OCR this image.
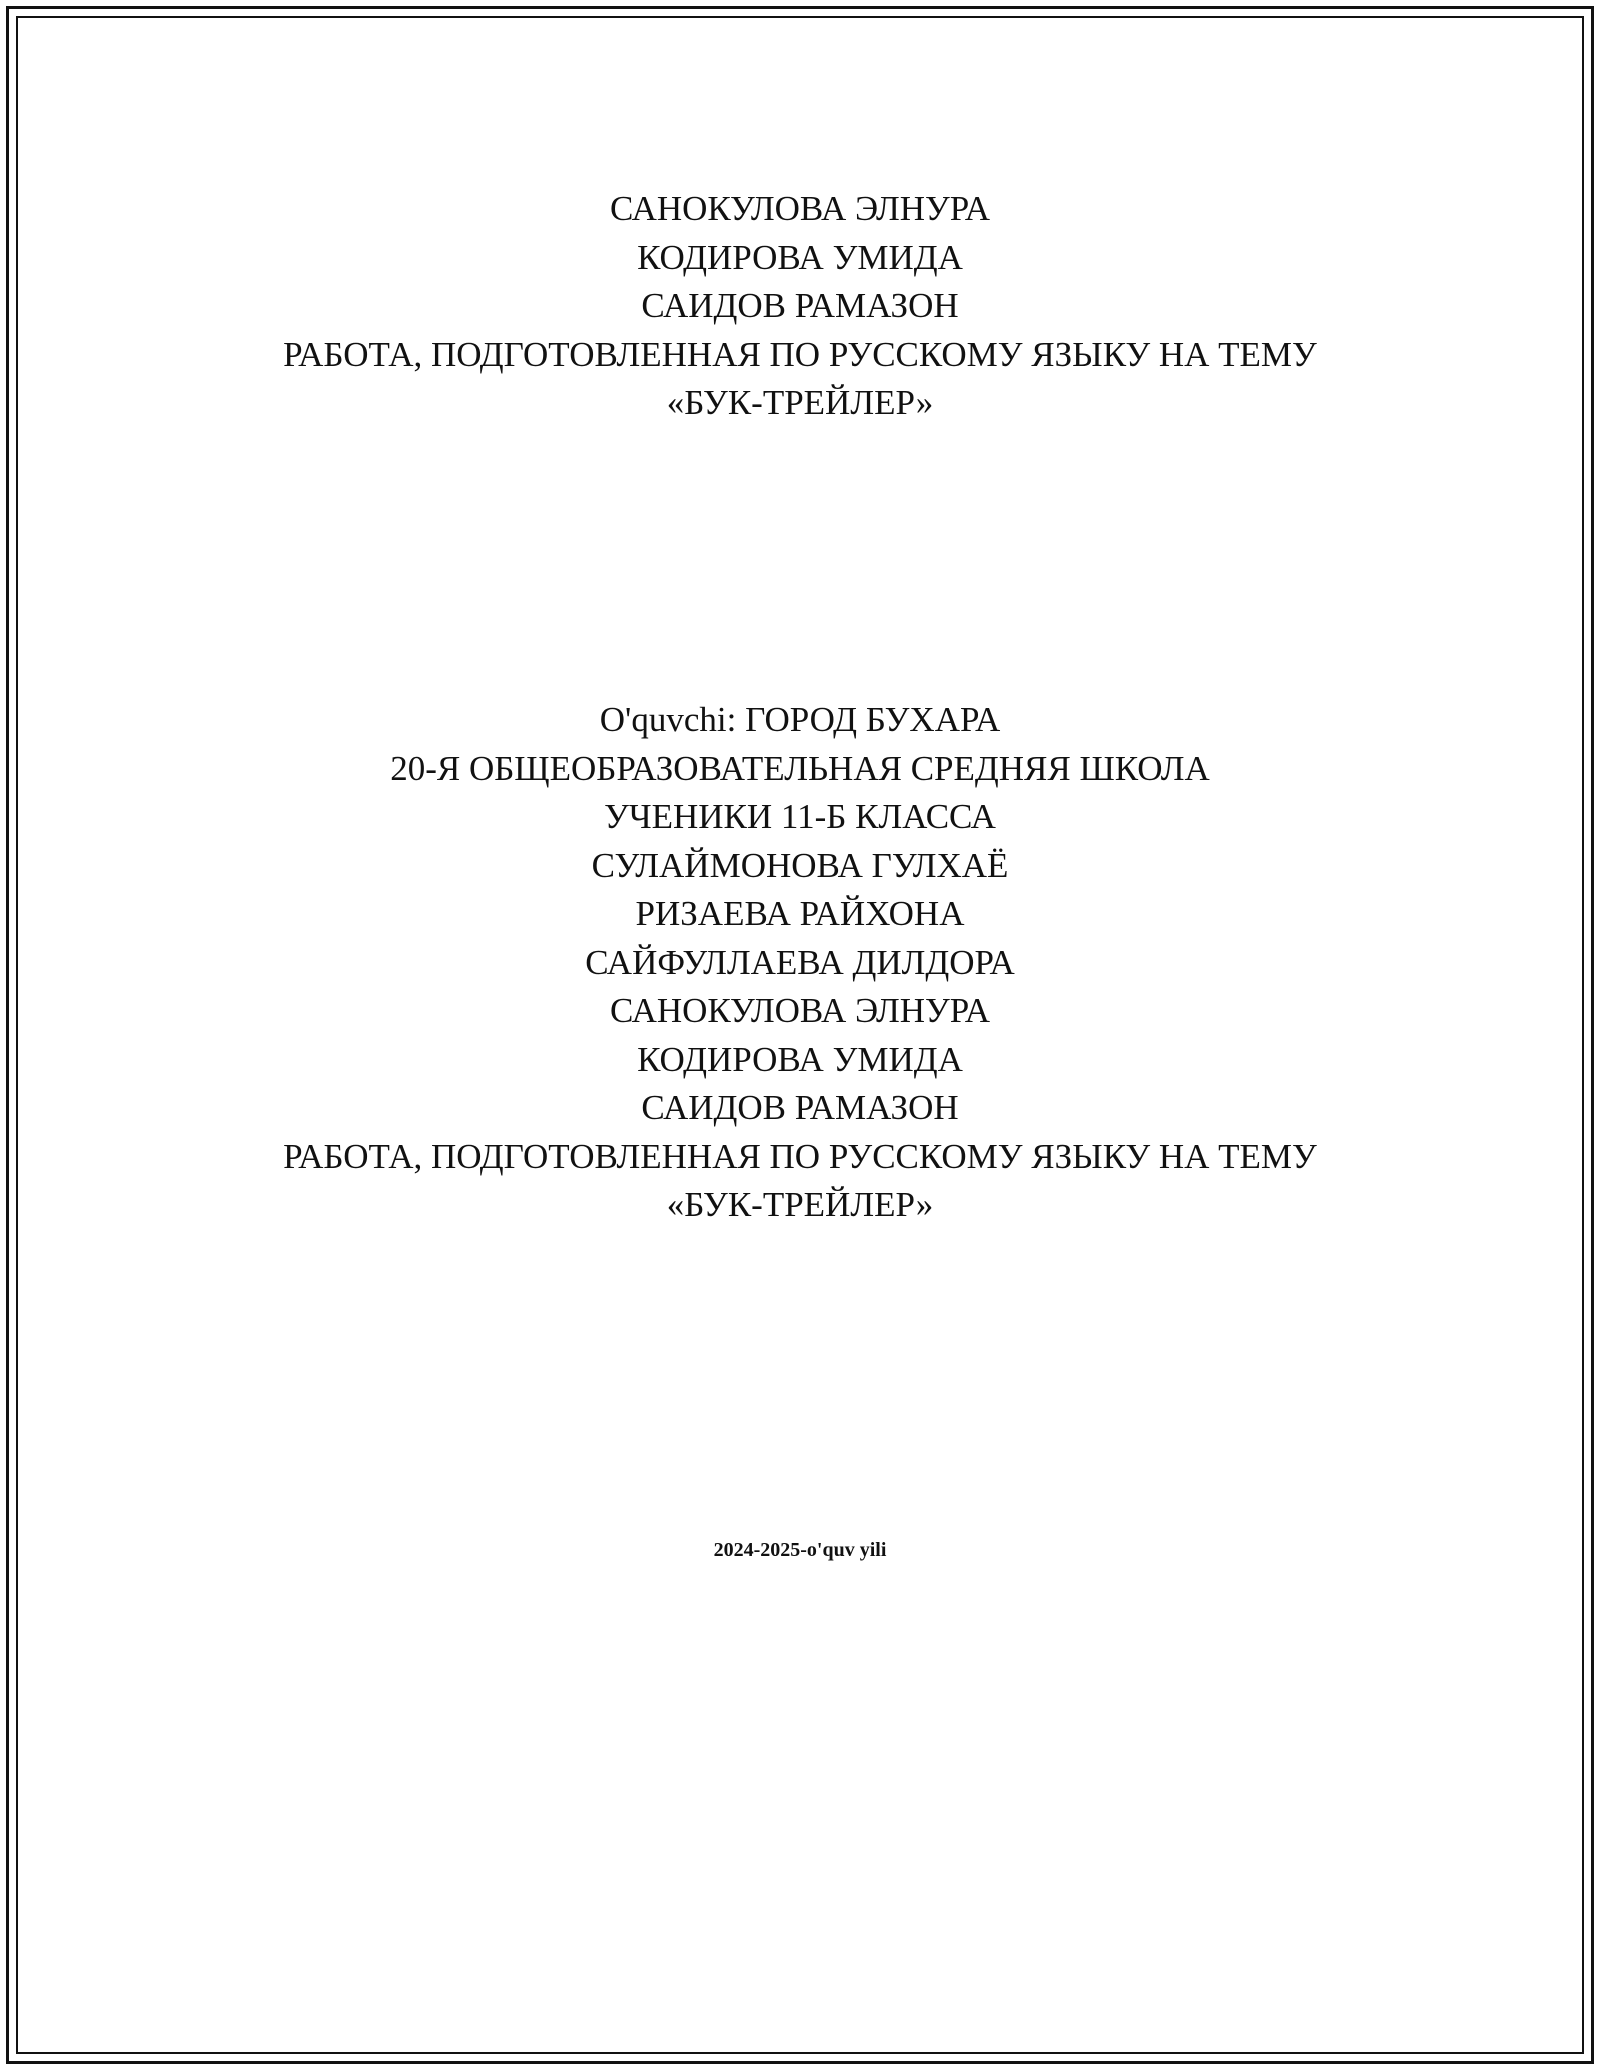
САНОКУЛОВА ЭЛНУРА
КОДИРОВА УМИДА
САИДОВ РАМАЗОН
РАБОТА, ПОДГОТОВЛЕННАЯ ПО РУССКОМУ ЯЗЫКУ НА ТЕМУ
«БУК-ТРЕЙЛЕР»
O'quvchi: ГОРОД БУХАРА
20-Я ОБЩЕОБРАЗОВАТЕЛЬНАЯ СРЕДНЯЯ ШКОЛА
УЧЕНИКИ 11-Б КЛАССА
СУЛАЙМОНОВА ГУЛХАЁ
РИЗАЕВА РАЙХОНА
САЙФУЛЛАЕВА ДИЛДОРА
САНОКУЛОВА ЭЛНУРА
КОДИРОВА УМИДА
САИДОВ РАМАЗОН
РАБОТА, ПОДГОТОВЛЕННАЯ ПО РУССКОМУ ЯЗЫКУ НА ТЕМУ
«БУК-ТРЕЙЛЕР»
2024-2025-o'quv yili
